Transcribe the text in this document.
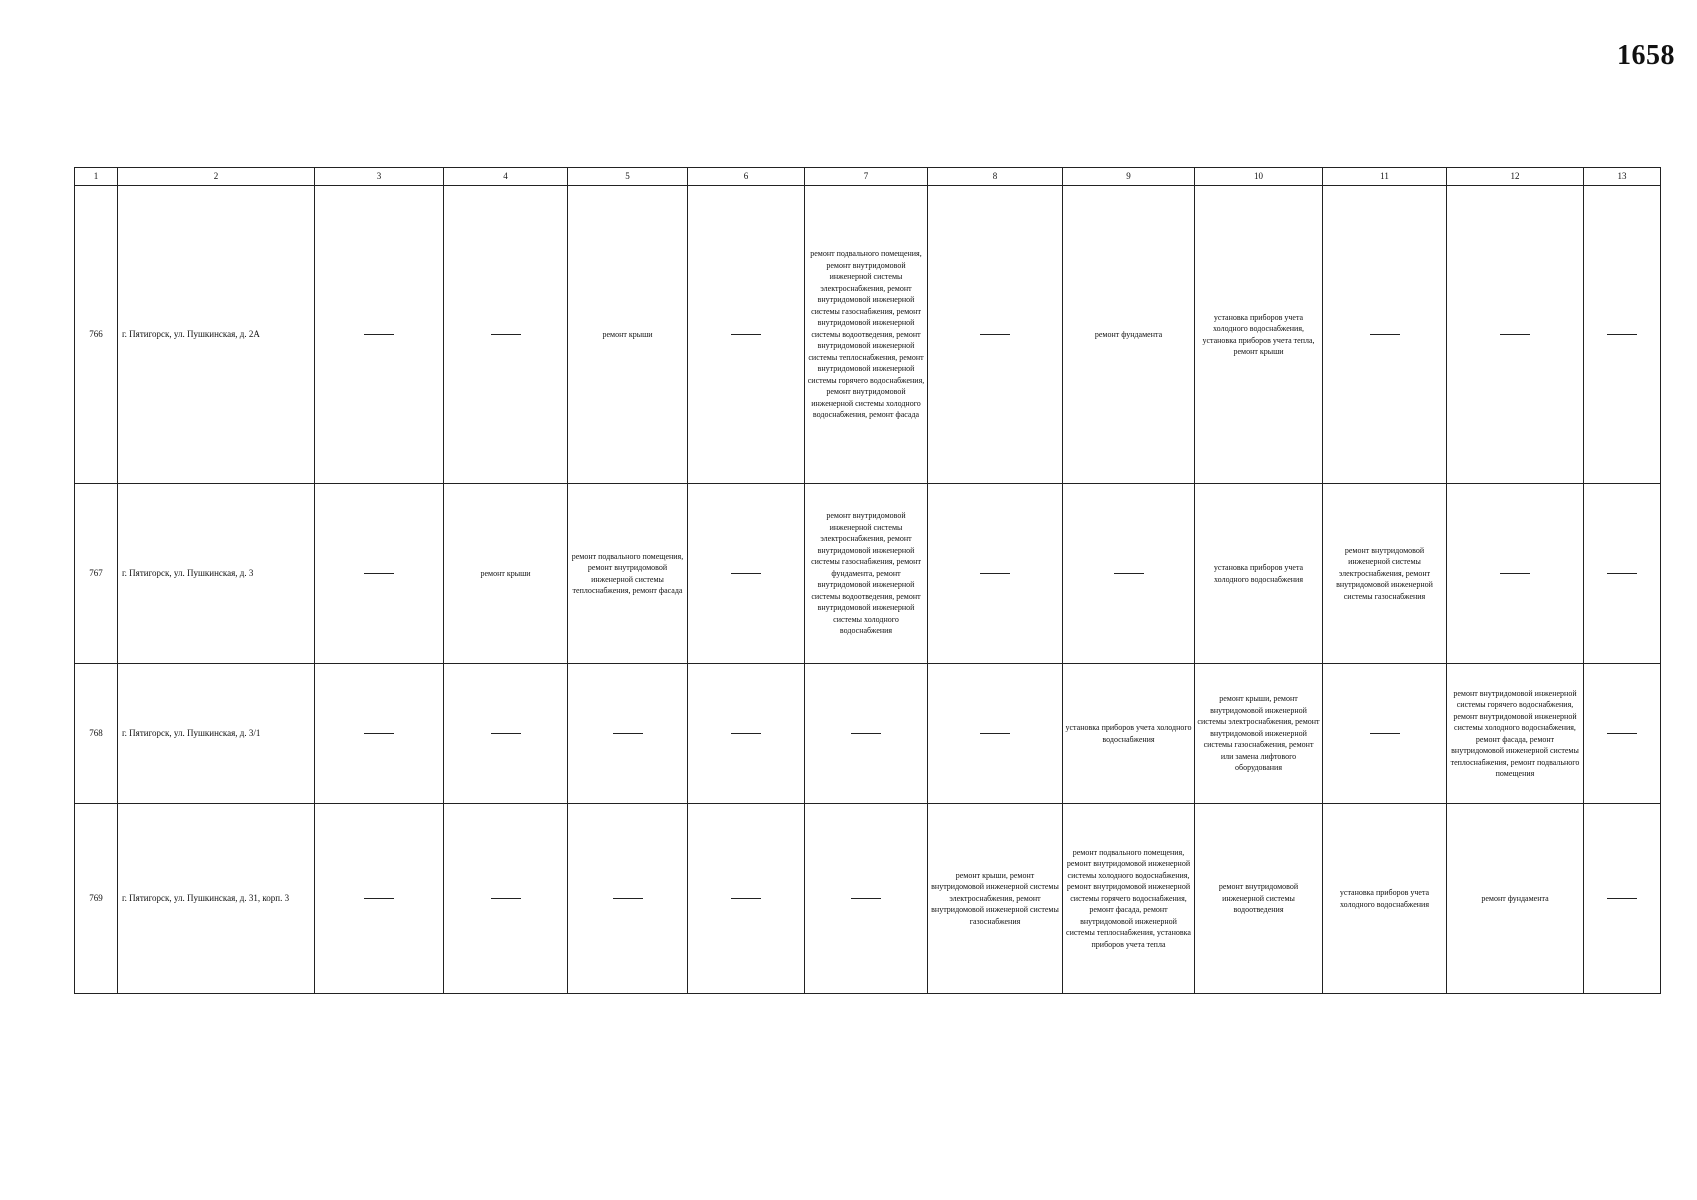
1658
1	2	3	4	5	6	7	8	9	10	11	12	13
766	г. Пятигорск, ул. Пушкинская, д. 2А			ремонт крыши		ремонт подвального помещения, ремонт внутридомовой инженерной системы электроснабжения, ремонт внутридомовой инженерной системы газоснабжения, ремонт внутридомовой инженерной системы водоотведения, ремонт внутридомовой инженерной системы теплоснабжения, ремонт внутридомовой инженерной системы горячего водоснабжения, ремонт внутридомовой инженерной системы холодного водоснабжения, ремонт фасада		ремонт фундамента	установка приборов учета холодного водоснабжения, установка приборов учета тепла, ремонт крыши			
767	г. Пятигорск, ул. Пушкинская, д. 3		ремонт крыши	ремонт подвального помещения, ремонт внутридомовой инженерной системы теплоснабжения, ремонт фасада		ремонт внутридомовой инженерной системы электроснабжения, ремонт внутридомовой инженерной системы газоснабжения, ремонт фундамента, ремонт внутридомовой инженерной системы водоотведения, ремонт внутридомовой инженерной системы холодного водоснабжения			установка приборов учета холодного водоснабжения	ремонт внутридомовой инженерной системы электроснабжения, ремонт внутридомовой инженерной системы газоснабжения		
768	г. Пятигорск, ул. Пушкинская, д. 3/1							установка приборов учета холодного водоснабжения	ремонт крыши, ремонт внутридомовой инженерной системы электроснабжения, ремонт внутридомовой инженерной системы газоснабжения, ремонт или замена лифтового оборудования		ремонт внутридомовой инженерной системы горячего водоснабжения, ремонт внутридомовой инженерной системы холодного водоснабжения, ремонт фасада, ремонт внутридомовой инженерной системы теплоснабжения, ремонт подвального помещения	
769	г. Пятигорск, ул. Пушкинская, д. 31, корп. 3						ремонт крыши, ремонт внутридомовой инженерной системы электроснабжения, ремонт внутридомовой инженерной системы газоснабжения	ремонт подвального помещения, ремонт внутридомовой инженерной системы холодного водоснабжения, ремонт внутридомовой инженерной системы горячего водоснабжения, ремонт фасада, ремонт внутридомовой инженерной системы теплоснабжения, установка приборов учета тепла	ремонт внутридомовой инженерной системы водоотведения	установка приборов учета холодного водоснабжения	ремонт фундамента	
